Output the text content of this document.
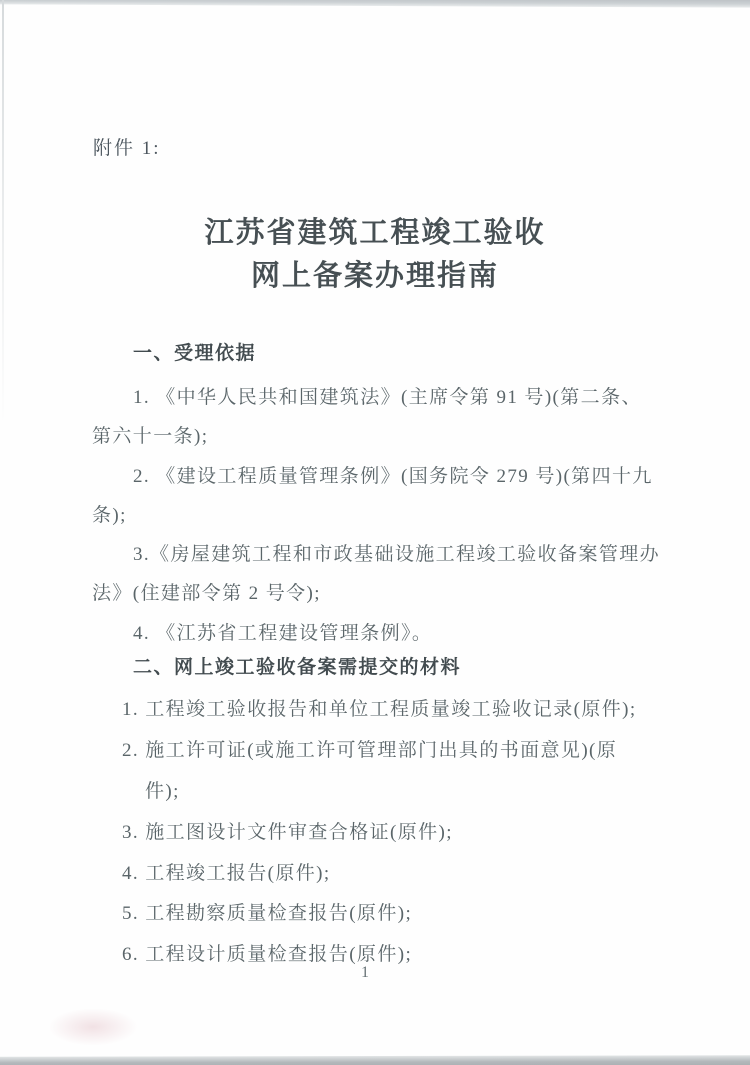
附件 1:
江苏省建筑工程竣工验收
网上备案办理指南
一、受理依据
1. 《中华人民共和国建筑法》(主席令第 91 号)(第二条、
第六十一条);
2. 《建设工程质量管理条例》(国务院令 279 号)(第四十九
条);
3.《房屋建筑工程和市政基础设施工程竣工验收备案管理办
法》(住建部令第 2 号令);
4. 《江苏省工程建设管理条例》。
二、网上竣工验收备案需提交的材料
1. 工程竣工验收报告和单位工程质量竣工验收记录(原件);
2. 施工许可证(或施工许可管理部门出具的书面意见)(原
件);
3. 施工图设计文件审查合格证(原件);
4. 工程竣工报告(原件);
5. 工程勘察质量检查报告(原件);
6. 工程设计质量检查报告(原件);
1
